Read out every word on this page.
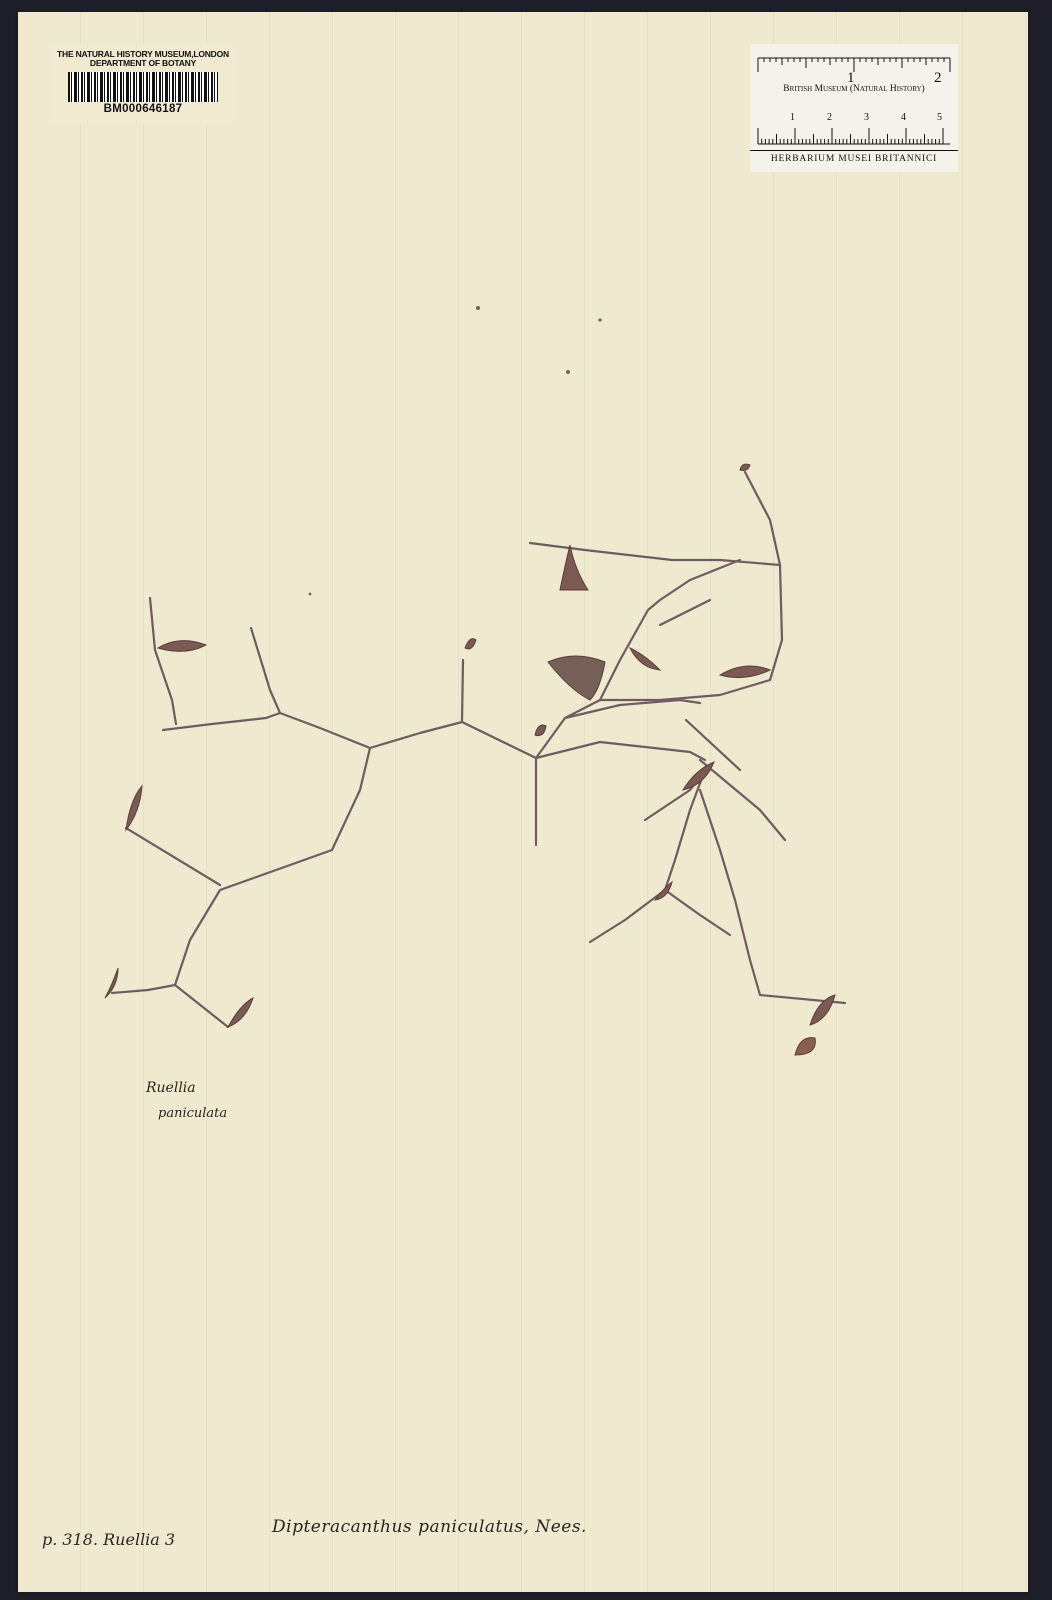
THE NATURAL HISTORY MUSEUM,LONDON
DEPARTMENT OF BOTANY
BM000646187
1	2
1	2	3	4	5
British Museum (Natural History)
HERBARIUM MUSEI BRITANNICI
Ruellia
paniculata
p. 318. Ruellia 3
Dipteracanthus paniculatus, Nees.
